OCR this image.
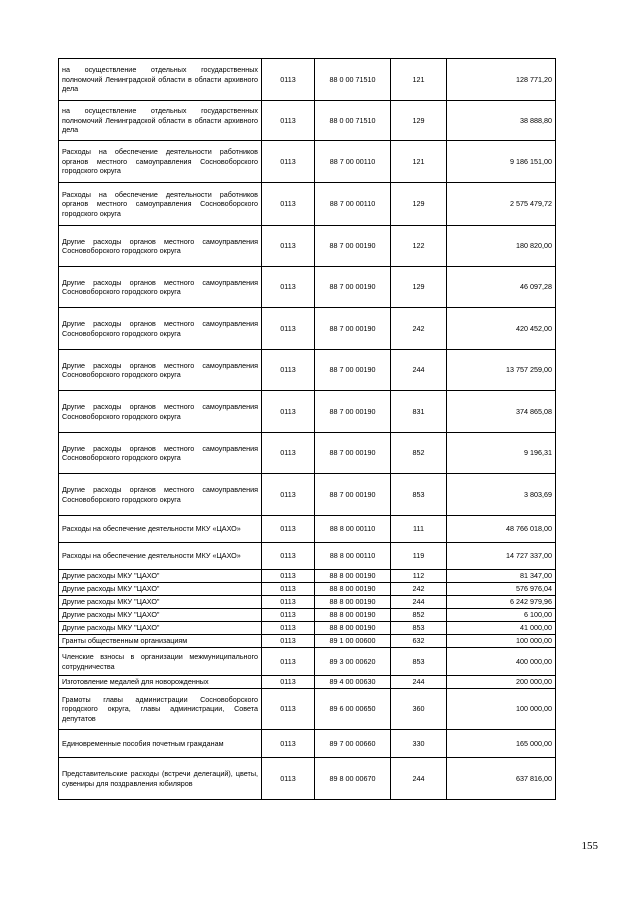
на осуществление отдельных государственных полномочий Ленинградской области в области архивного дела	0113	88 0 00 71510	121	128 771,20
на осуществление отдельных государственных полномочий Ленинградской области в области архивного дела	0113	88 0 00 71510	129	38 888,80
Расходы на обеспечение деятельности работников органов местного самоуправления Сосновоборского городского округа	0113	88 7 00 00110	121	9 186 151,00
Расходы на обеспечение деятельности работников органов местного самоуправления Сосновоборского городского округа	0113	88 7 00 00110	129	2 575 479,72
Другие расходы органов местного самоуправления Сосновоборского городского округа	0113	88 7 00 00190	122	180 820,00
Другие расходы органов местного самоуправления Сосновоборского городского округа	0113	88 7 00 00190	129	46 097,28
Другие расходы органов местного самоуправления Сосновоборского городского округа	0113	88 7 00 00190	242	420 452,00
Другие расходы органов местного самоуправления Сосновоборского городского округа	0113	88 7 00 00190	244	13 757 259,00
Другие расходы органов местного самоуправления Сосновоборского городского округа	0113	88 7 00 00190	831	374 865,08
Другие расходы органов местного самоуправления Сосновоборского городского округа	0113	88 7 00 00190	852	9 196,31
Другие расходы органов местного самоуправления Сосновоборского городского округа	0113	88 7 00 00190	853	3 803,69
Расходы на обеспечение деятельности МКУ «ЦАХО»	0113	88 8 00 00110	111	48 766 018,00
Расходы на обеспечение деятельности МКУ «ЦАХО»	0113	88 8 00 00110	119	14 727 337,00
Другие расходы МКУ "ЦАХО"	0113	88 8 00 00190	112	81 347,00
Другие расходы МКУ "ЦАХО"	0113	88 8 00 00190	242	576 976,04
Другие расходы МКУ "ЦАХО"	0113	88 8 00 00190	244	6 242 979,96
Другие расходы МКУ "ЦАХО"	0113	88 8 00 00190	852	6 100,00
Другие расходы МКУ "ЦАХО"	0113	88 8 00 00190	853	41 000,00
Гранты общественным организациям	0113	89 1 00 00600	632	100 000,00
Членские взносы в организации межмуниципального сотрудничества	0113	89 3 00 00620	853	400 000,00
Изготовление медалей для новорожденных	0113	89 4 00 00630	244	200 000,00
Грамоты главы администрации Сосновоборского городского округа, главы администрации, Совета депутатов	0113	89 6 00 00650	360	100 000,00
Единовременные пособия почетным гражданам	0113	89 7 00 00660	330	165 000,00
Представительские расходы (встречи делегаций), цветы, сувениры для поздравления юбиляров	0113	89 8 00 00670	244	637 816,00
155
